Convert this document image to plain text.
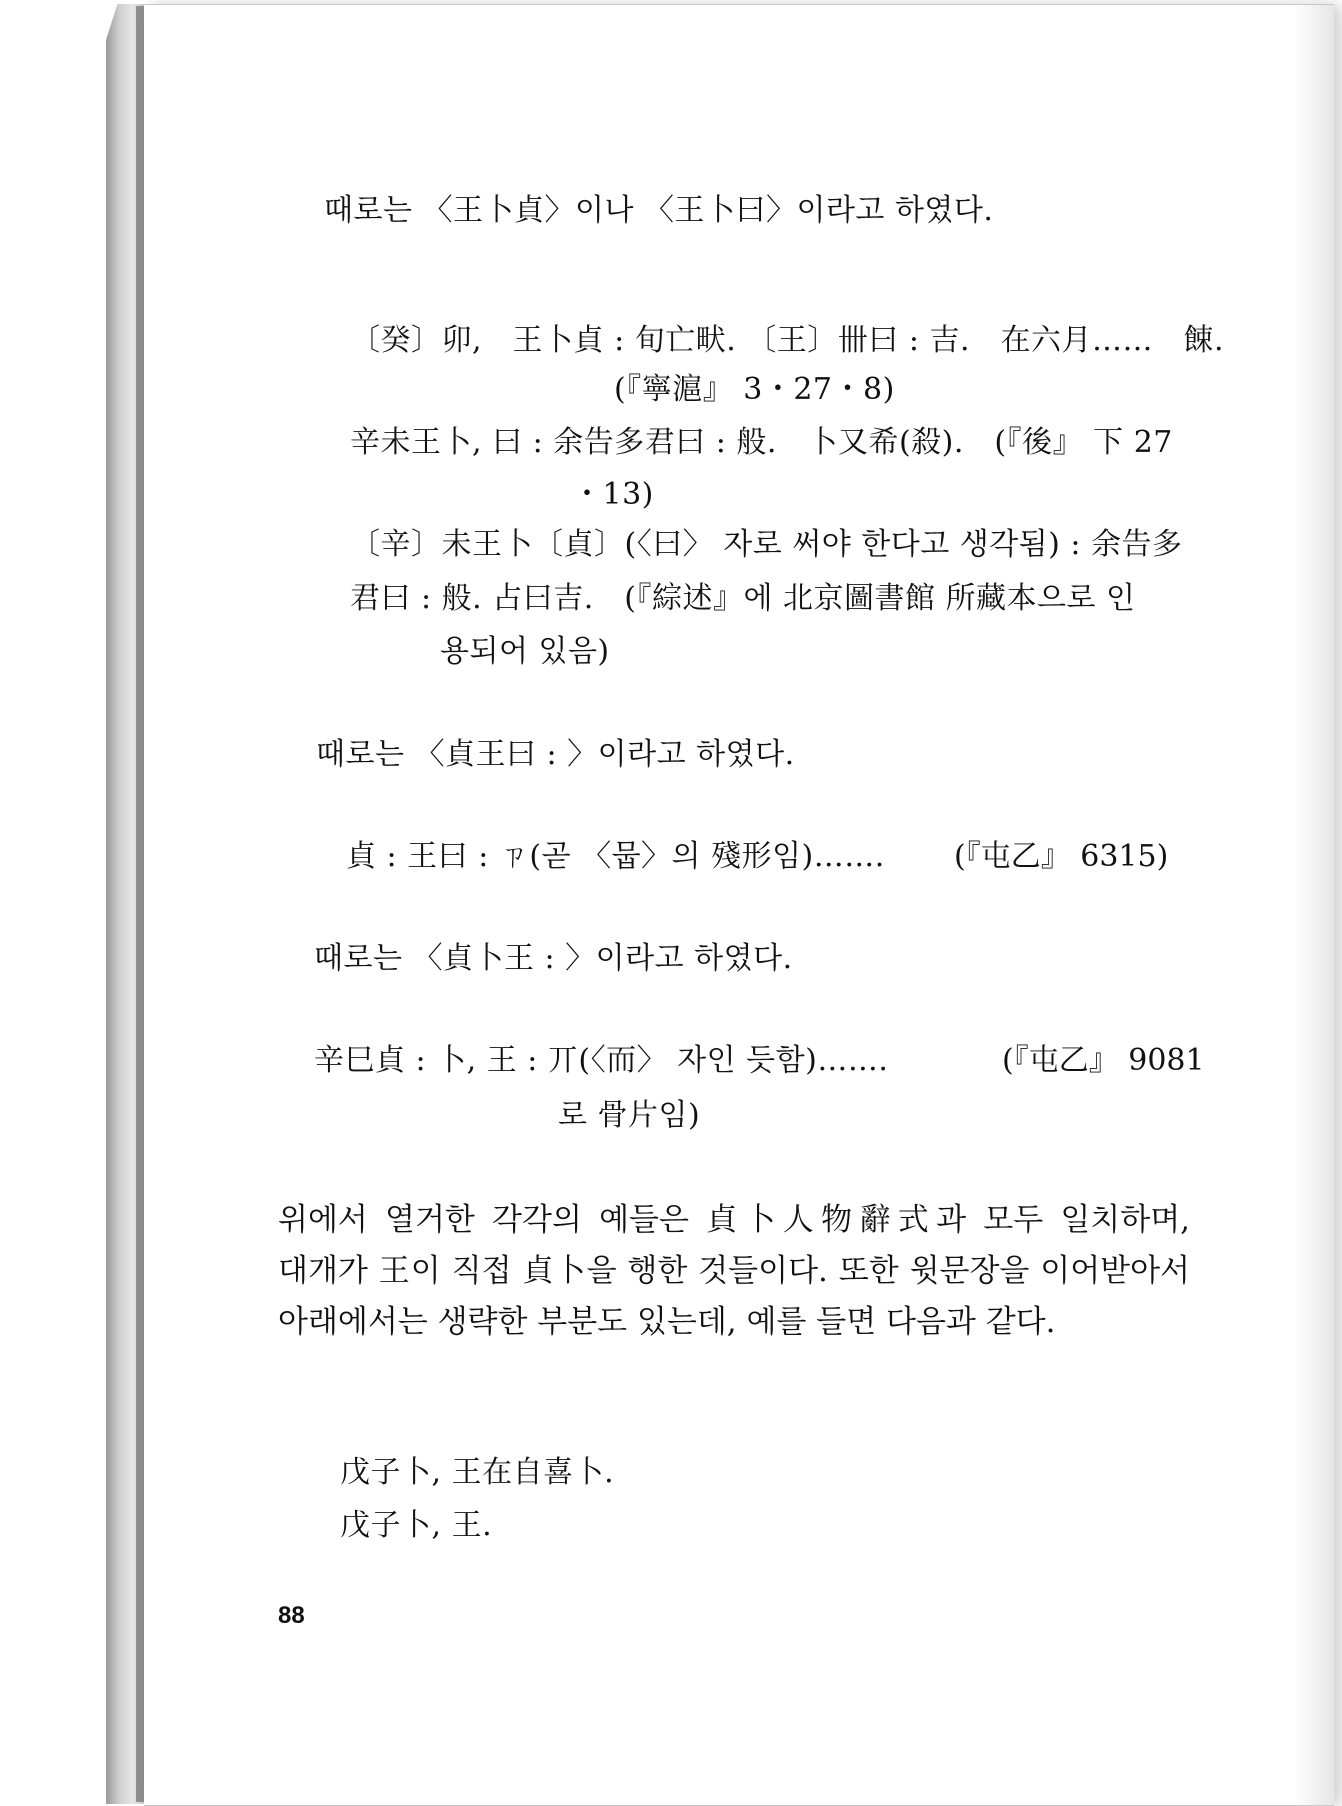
때로는 〈王卜貞〉이나 〈王卜曰〉이라고 하였다.
〔癸〕卯,　王卜貞 : 旬亡畎. 〔王〕卌曰 : 吉.　在六月……　餗.
(『寧滬』 3・27・8)
辛未王卜, 曰 : 余告多君曰 : 般.　卜又希(殺).　(『後』 下 27
・13)
〔辛〕未王卜〔貞〕(〈曰〉 자로 써야 한다고 생각됨) : 余告多
君曰 : 般. 占曰吉.　(『綜述』에 北京圖書館 所藏本으로 인
용되어 있음)
때로는 〈貞王曰 : 〉이라고 하였다.
貞 : 王曰 : ㄗ(곧 〈뭅〉의 殘形임)……. (『屯乙』 6315)
때로는 〈貞卜王 : 〉이라고 하였다.
辛巳貞 : 卜, 王 : 丌(〈而〉 자인 듯함)…….	(『屯乙』 9081
로 骨片임)
위에서 열거한 각각의 예들은 貞卜人物辭式과 모두 일치하며, 대개가 王이 직접 貞卜을 행한 것들이다. 또한 윗문장을 이어받아서 아래에서는 생략한 부분도 있는데, 예를 들면 다음과 같다.
戊子卜, 王在自喜卜.
戊子卜, 王.
88
